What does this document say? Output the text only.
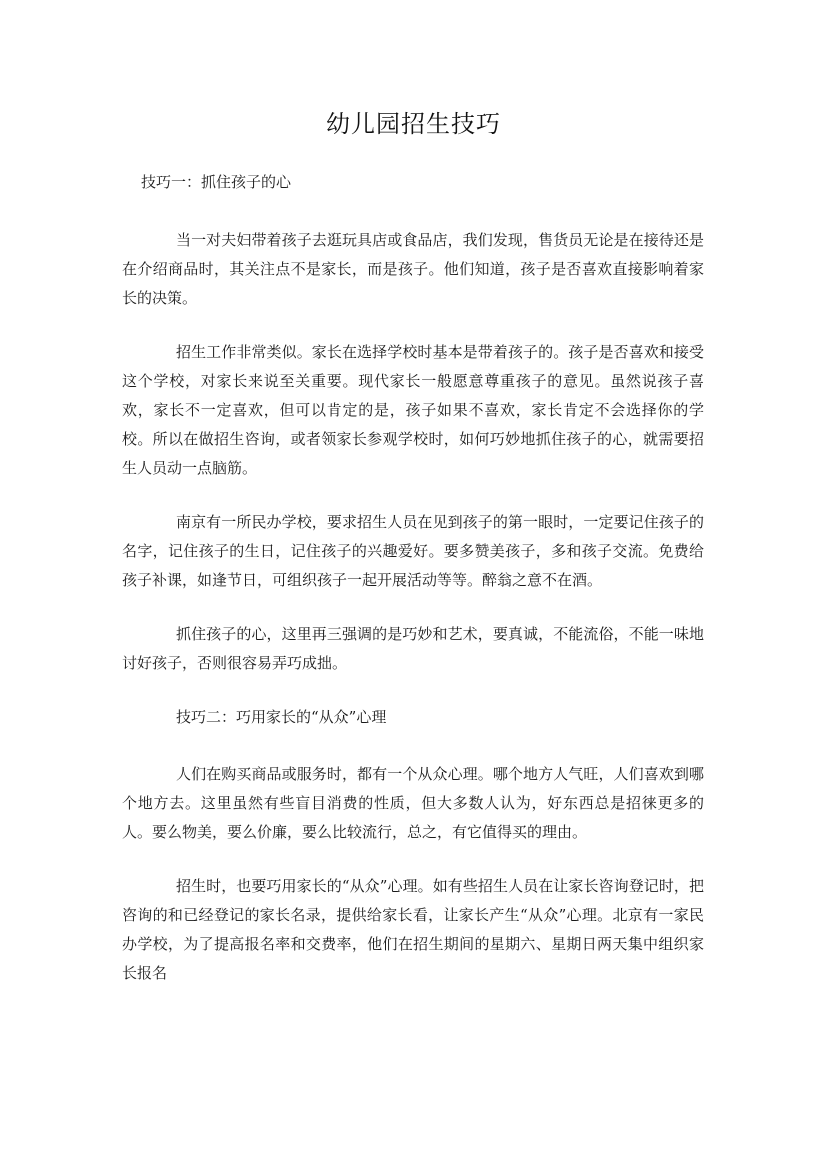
幼儿园招生技巧
技巧一：抓住孩子的心

当一对夫妇带着孩子去逛玩具店或食品店，我们发现，售货员无论是在接待还是在介绍商品时，其关注点不是家长，而是孩子。他们知道，孩子是否喜欢直接影响着家长的决策。

招生工作非常类似。家长在选择学校时基本是带着孩子的。孩子是否喜欢和接受这个学校，对家长来说至关重要。现代家长一般愿意尊重孩子的意见。虽然说孩子喜欢，家长不一定喜欢，但可以肯定的是，孩子如果不喜欢，家长肯定不会选择你的学校。所以在做招生咨询，或者领家长参观学校时，如何巧妙地抓住孩子的心，就需要招生人员动一点脑筋。

南京有一所民办学校，要求招生人员在见到孩子的第一眼时，一定要记住孩子的名字，记住孩子的生日，记住孩子的兴趣爱好。要多赞美孩子，多和孩子交流。免费给孩子补课，如逢节日，可组织孩子一起开展活动等等。醉翁之意不在酒。

抓住孩子的心，这里再三强调的是巧妙和艺术，要真诚，不能流俗，不能一味地讨好孩子，否则很容易弄巧成拙。

技巧二：巧用家长的“从众”心理

人们在购买商品或服务时，都有一个从众心理。哪个地方人气旺，人们喜欢到哪个地方去。这里虽然有些盲目消费的性质，但大多数人认为，好东西总是招徕更多的人。要么物美，要么价廉，要么比较流行，总之，有它值得买的理由。

招生时，也要巧用家长的“从众”心理。如有些招生人员在让家长咨询登记时，把咨询的和已经登记的家长名录，提供给家长看，让家长产生“从众”心理。北京有一家民办学校，为了提高报名率和交费率，他们在招生期间的星期六、星期日两天集中组织家长报名
